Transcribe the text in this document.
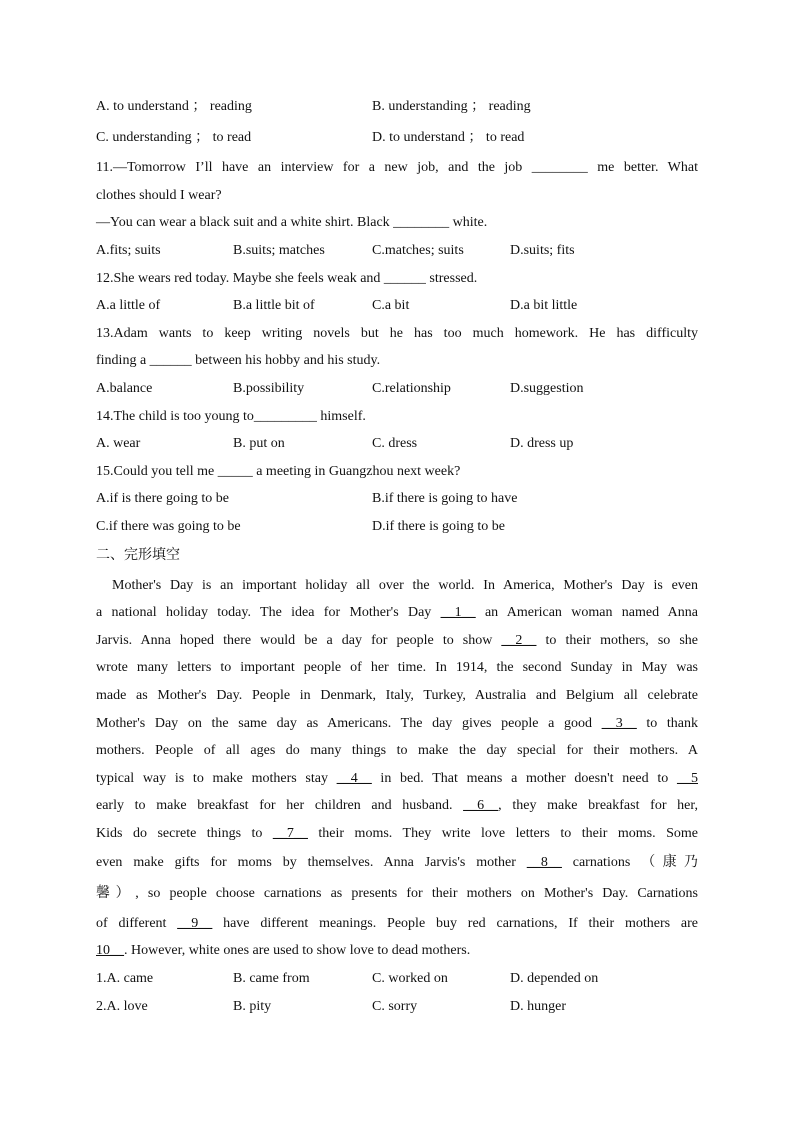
A. to understand ； reading	B. understanding ； reading
C. understanding ； to read	D. to understand ； to read
11.—Tomorrow I’ll have an interview for a new job, and the job ________ me better. What
clothes should I wear?
—You can wear a black suit and a white shirt. Black ________ white.
A.fits; suits	B.suits; matches	C.matches; suits	D.suits; fits
12.She wears red today. Maybe she feels weak and ______ stressed.
A.a little of	B.a little bit of	C.a bit	D.a bit little
13.Adam wants to keep writing novels but he has too much homework. He has difficulty
finding a ______ between his hobby and his study.
A.balance	B.possibility	C.relationship	D.suggestion
14.The child is too young to_________ himself.
A. wear	B. put on	C. dress	D. dress up
15.Could you tell me _____ a meeting in Guangzhou next week?
A.if is there going to be	B.if there is going to have
C.if there was going to be	D.if there is going to be
二、完形填空
Mother's Day is an important holiday all over the world. In America, Mother's Day is even
a national holiday today. The idea for Mother's Day __1__ an American woman named Anna
Jarvis. Anna hoped there would be a day for people to show __2__ to their mothers, so she
wrote many letters to important people of her time. In 1914, the second Sunday in May was
made as Mother's Day. People in Denmark, Italy, Turkey, Australia and Belgium all celebrate
Mother's Day on the same day as Americans. The day gives people a good __3__ to thank
mothers. People of all ages do many things to make the day special for their mothers. A
typical way is to make mothers stay __4__ in bed. That means a mother doesn't need to __5
early to make breakfast for her children and husband. __6__, they make breakfast for her,
Kids do secrete things to __7__ their moms. They write love letters to their moms. Some
even make gifts for moms by themselves. Anna Jarvis's mother __8__ carnations （康乃
馨）, so people choose carnations as presents for their mothers on Mother's Day. Carnations
of different __9__ have different meanings. People buy red carnations, If their mothers are
10__. However, white ones are used to show love to dead mothers.
1.A. came	B. came from	C. worked on	D. depended on
2.A. love	B. pity	C. sorry	D. hunger
